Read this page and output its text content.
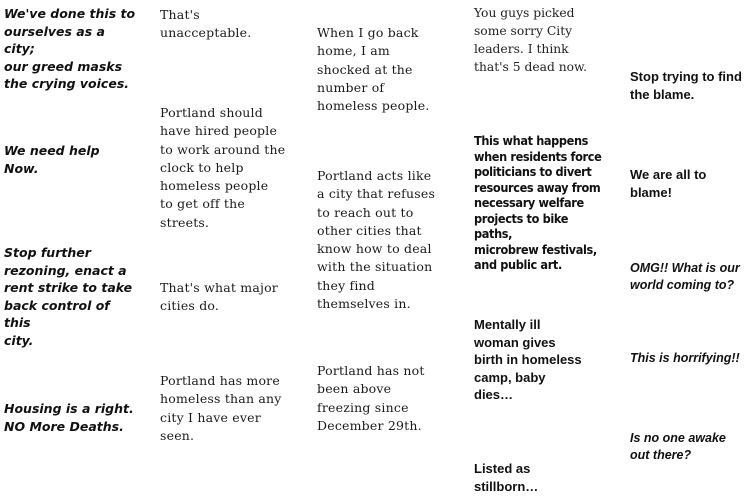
We've done this to
ourselves as a city;
our greed masks
the crying voices.

We need help
Now.

Stop further
rezoning, enact a
rent strike to take
back control of this
city.

Housing is a right.
NO More Deaths.

That's
unacceptable.

Portland should
have hired people
to work around the
clock to help
homeless people
to get off the
streets.

That's what major
cities do.

Portland has more
homeless than any
city I have ever
seen.

When I go back
home, I am
shocked at the
number of
homeless people.

Portland acts like
a city that refuses
to reach out to
other cities that
know how to deal
with the situation
they find
themselves in.

Portland has not
been above
freezing since
December 29th.

You guys picked
some sorry City
leaders. I think
that's 5 dead now.

This what happens
when residents force
politicians to divert
resources away from
necessary welfare
projects to bike paths,
microbrew festivals,
and public art.

Mentally ill
woman gives
birth in homeless
camp, baby
dies…

Listed as
stillborn…

Stop trying to find
the blame.

We are all to
blame!

OMG!! What is our
world coming to?

This is horrifying!!

Is no one awake
out there?
